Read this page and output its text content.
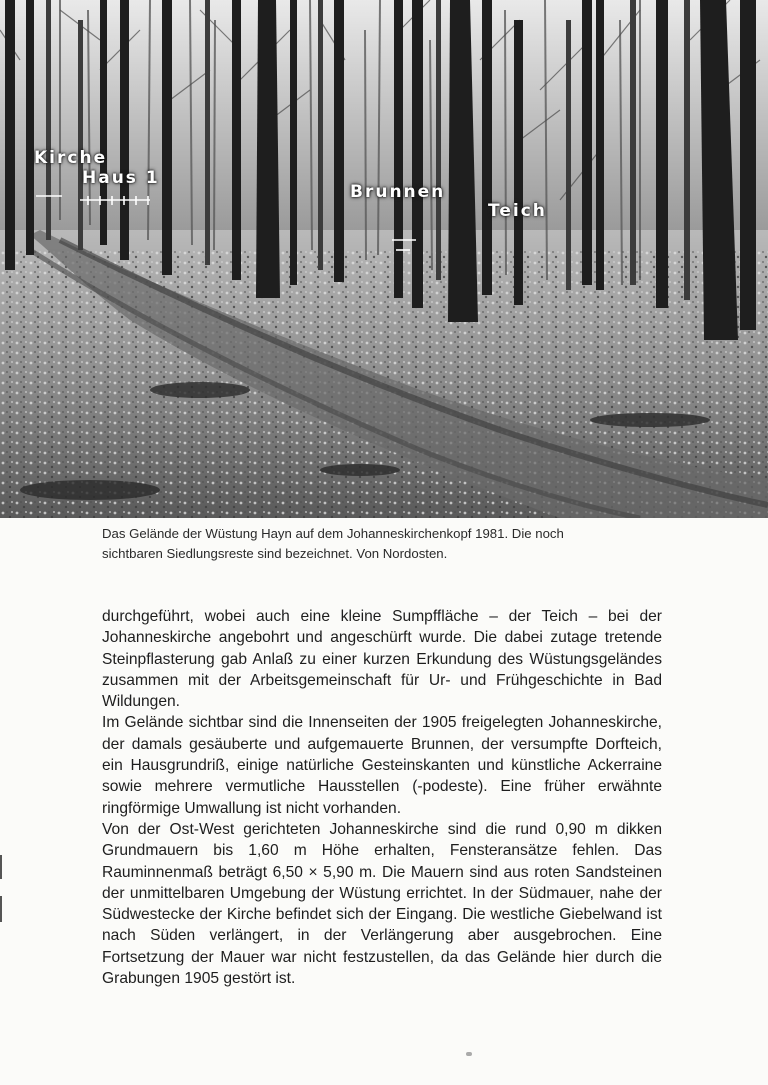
Kirche
Haus 1
Brunnen
Teich

Das Gelände der Wüstung Hayn auf dem Johanneskirchenkopf 1981. Die noch

sichtbaren Siedlungsreste sind bezeichnet. Von Nordosten.

durchgeführt, wobei auch eine kleine Sumpffläche – der Teich – bei der Johanneskirche angebohrt und angeschürft wurde. Die dabei zutage tretende Steinpflasterung gab Anlaß zu einer kurzen Erkundung des Wüstungsgeländes zusammen mit der Arbeitsgemeinschaft für Ur- und Frühgeschichte in Bad Wildungen.

Im Gelände sichtbar sind die Innenseiten der 1905 freigelegten Johanneskirche, der damals gesäuberte und aufgemauerte Brunnen, der versumpfte Dorfteich, ein Hausgrundriß, einige natürliche Gesteinskanten und künstliche Ackerraine sowie mehrere vermutliche Hausstellen (-podeste). Eine früher erwähnte ringförmige Umwallung ist nicht vorhanden.

Von der Ost-West gerichteten Johanneskirche sind die rund 0,90 m dikken Grundmauern bis 1,60 m Höhe erhalten, Fensteransätze fehlen. Das Rauminnenmaß beträgt 6,50 × 5,90 m. Die Mauern sind aus roten Sandsteinen der unmittelbaren Umgebung der Wüstung errichtet. In der Südmauer, nahe der Südwestecke der Kirche befindet sich der Eingang. Die westliche Giebelwand ist nach Süden verlängert, in der Verlängerung aber ausgebrochen. Eine Fortsetzung der Mauer war nicht festzustellen, da das Gelände hier durch die Grabungen 1905 gestört ist.
